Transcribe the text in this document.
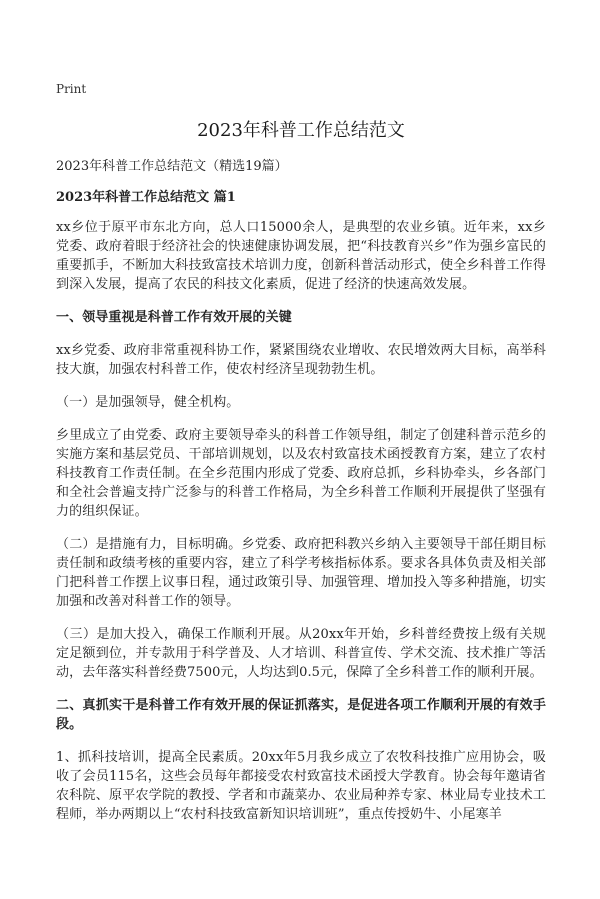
Print
2023年科普工作总结范文

2023年科普工作总结范文（精选19篇）

2023年科普工作总结范文 篇1

xx乡位于原平市东北方向，总人口15000余人，是典型的农业乡镇。近年来，xx乡党委、政府着眼于经济社会的快速健康协调发展，把“科技教育兴乡”作为强乡富民的重要抓手，不断加大科技致富技术培训力度，创新科普活动形式，使全乡科普工作得到深入发展，提高了农民的科技文化素质，促进了经济的快速高效发展。

一、领导重视是科普工作有效开展的关键

xx乡党委、政府非常重视科协工作，紧紧围绕农业增收、农民增效两大目标，高举科技大旗，加强农村科普工作，使农村经济呈现勃勃生机。

（一）是加强领导，健全机构。

乡里成立了由党委、政府主要领导牵头的科普工作领导组，制定了创建科普示范乡的实施方案和基层党员、干部培训规划，以及农村致富技术函授教育方案，建立了农村科技教育工作责任制。在全乡范围内形成了党委、政府总抓，乡科协牵头，乡各部门和全社会普遍支持广泛参与的科普工作格局，为全乡科普工作顺利开展提供了坚强有力的组织保证。

（二）是措施有力，目标明确。乡党委、政府把科教兴乡纳入主要领导干部任期目标责任制和政绩考核的重要内容，建立了科学考核指标体系。要求各具体负责及相关部门把科普工作摆上议事日程，通过政策引导、加强管理、增加投入等多种措施，切实加强和改善对科普工作的领导。

（三）是加大投入，确保工作顺利开展。从20xx年开始，乡科普经费按上级有关规定足额到位，并专款用于科学普及、人才培训、科普宣传、学术交流、技术推广等活动，去年落实科普经费7500元，人均达到0.5元，保障了全乡科普工作的顺利开展。

二、真抓实干是科普工作有效开展的保证抓落实，是促进各项工作顺利开展的有效手段。

1、抓科技培训，提高全民素质。20xx年5月我乡成立了农牧科技推广应用协会，吸收了会员115名，这些会员每年都接受农村致富技术函授大学教育。协会每年邀请省农科院、原平农学院的教授、学者和市蔬菜办、农业局种养专家、林业局专业技术工程师，举办两期以上“农村科技致富新知识培训班”，重点传授奶牛、小尾寒羊
